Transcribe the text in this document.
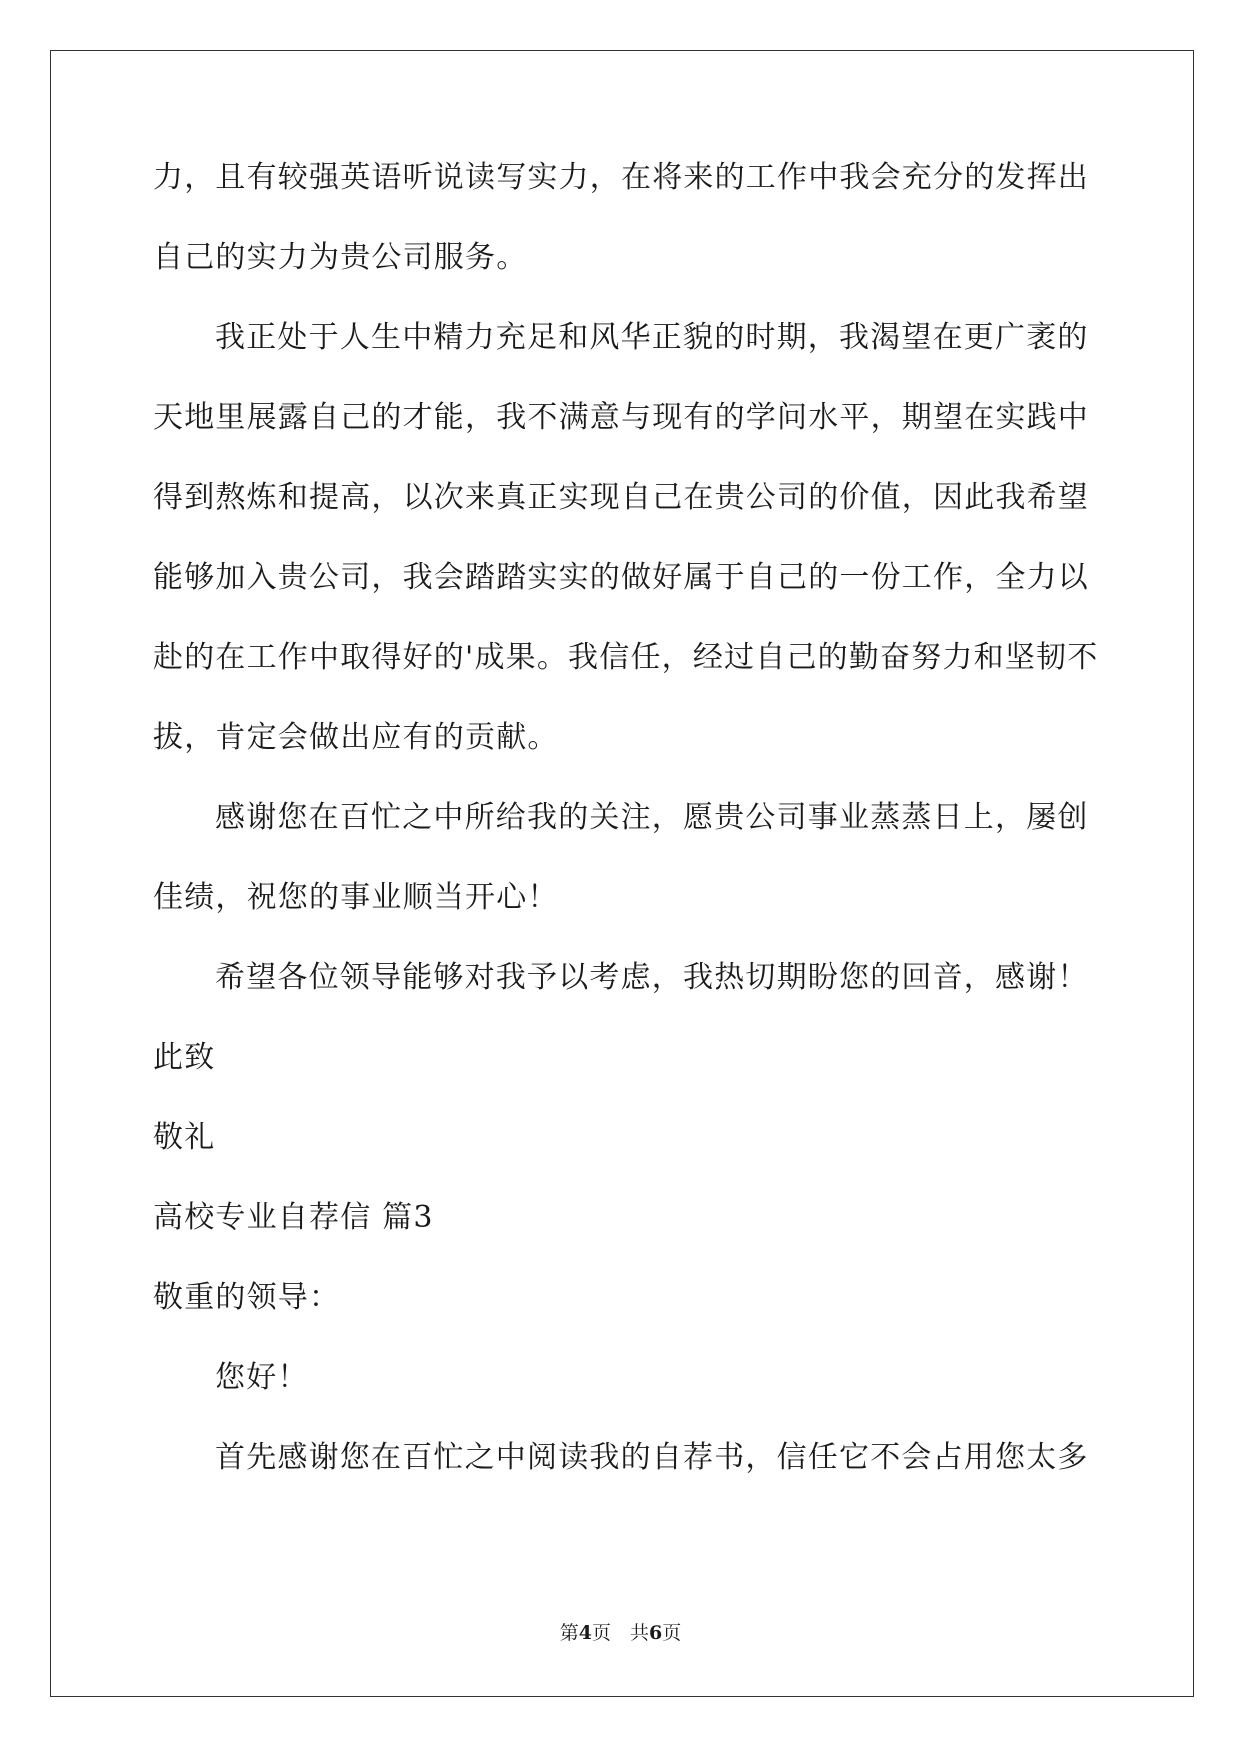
力，且有较强英语听说读写实力，在将来的工作中我会充分的发挥出
自己的实力为贵公司服务。
我正处于人生中精力充足和风华正貌的时期，我渴望在更广袤的
天地里展露自己的才能，我不满意与现有的学问水平，期望在实践中
得到熬炼和提高，以次来真正实现自己在贵公司的价值，因此我希望
能够加入贵公司，我会踏踏实实的做好属于自己的一份工作，全力以
赴的在工作中取得好的'成果。我信任，经过自己的勤奋努力和坚韧不
拔，肯定会做出应有的贡献。
感谢您在百忙之中所给我的关注，愿贵公司事业蒸蒸日上，屡创
佳绩，祝您的事业顺当开心！
希望各位领导能够对我予以考虑，我热切期盼您的回音，感谢！
此致
敬礼
高校专业自荐信 篇3
敬重的领导：
您好！
首先感谢您在百忙之中阅读我的自荐书，信任它不会占用您太多
第4页　共6页
